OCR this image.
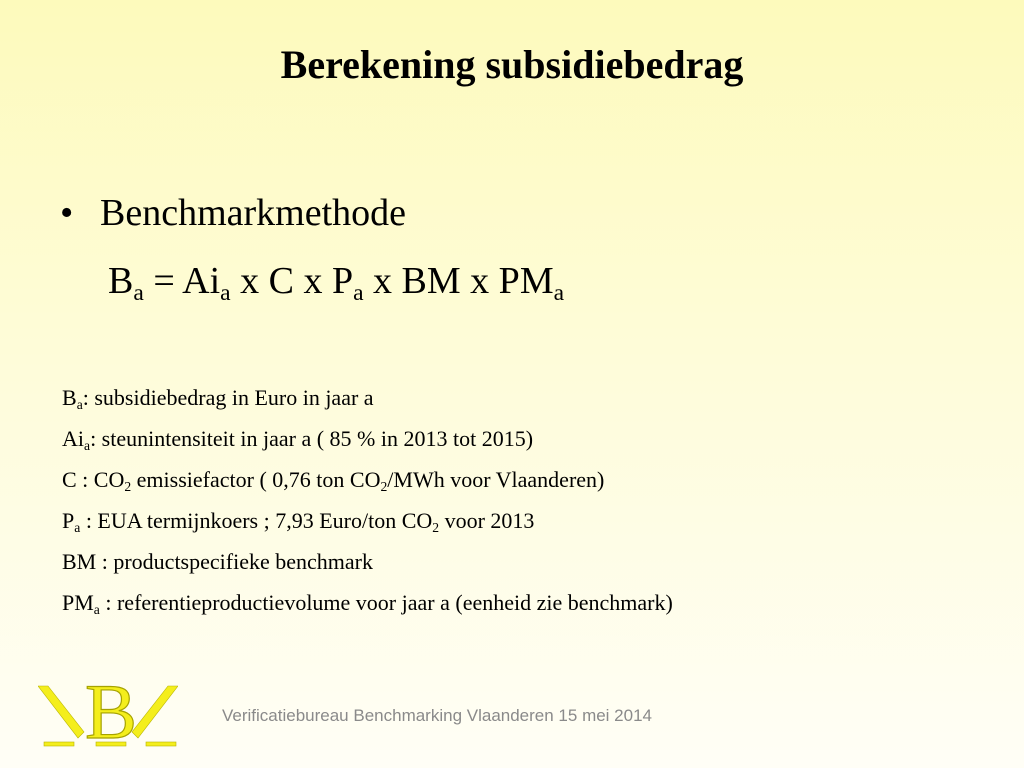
Berekening subsidiebedrag
• Benchmarkmethode
$B_a = Ai_a$ x C x $P_a$ x BM x $PM_a$
$B_a$: subsidiebedrag in Euro in jaar a
$Ai_a$: steunintensiteit in jaar a ( 85 % in 2013 tot 2015)
C : $CO_2$ emissiefactor ( 0,76 ton $CO_2$/MWh voor Vlaanderen)
$P_a$ : EUA termijnkoers ; 7,93 Euro/ton $CO_2$ voor 2013
BM : productspecifieke benchmark
$PM_a$ : referentieproductievolume voor jaar a (eenheid zie benchmark)
B	Verificatiebureau Benchmarking Vlaanderen 15 mei 2014
